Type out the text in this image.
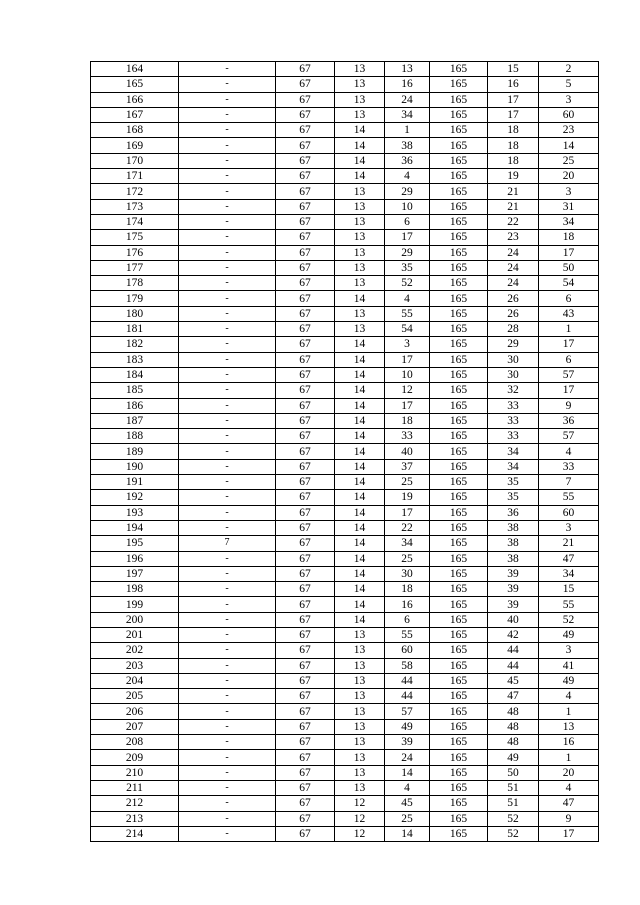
164	-	67	13	13	165	15	2
165	-	67	13	16	165	16	5
166	-	67	13	24	165	17	3
167	-	67	13	34	165	17	60
168	-	67	14	1	165	18	23
169	-	67	14	38	165	18	14
170	-	67	14	36	165	18	25
171	-	67	14	4	165	19	20
172	-	67	13	29	165	21	3
173	-	67	13	10	165	21	31
174	-	67	13	6	165	22	34
175	-	67	13	17	165	23	18
176	-	67	13	29	165	24	17
177	-	67	13	35	165	24	50
178	-	67	13	52	165	24	54
179	-	67	14	4	165	26	6
180	-	67	13	55	165	26	43
181	-	67	13	54	165	28	1
182	-	67	14	3	165	29	17
183	-	67	14	17	165	30	6
184	-	67	14	10	165	30	57
185	-	67	14	12	165	32	17
186	-	67	14	17	165	33	9
187	-	67	14	18	165	33	36
188	-	67	14	33	165	33	57
189	-	67	14	40	165	34	4
190	-	67	14	37	165	34	33
191	-	67	14	25	165	35	7
192	-	67	14	19	165	35	55
193	-	67	14	17	165	36	60
194	-	67	14	22	165	38	3
195	7	67	14	34	165	38	21
196	-	67	14	25	165	38	47
197	-	67	14	30	165	39	34
198	-	67	14	18	165	39	15
199	-	67	14	16	165	39	55
200	-	67	14	6	165	40	52
201	-	67	13	55	165	42	49
202	-	67	13	60	165	44	3
203	-	67	13	58	165	44	41
204	-	67	13	44	165	45	49
205	-	67	13	44	165	47	4
206	-	67	13	57	165	48	1
207	-	67	13	49	165	48	13
208	-	67	13	39	165	48	16
209	-	67	13	24	165	49	1
210	-	67	13	14	165	50	20
211	-	67	13	4	165	51	4
212	-	67	12	45	165	51	47
213	-	67	12	25	165	52	9
214	-	67	12	14	165	52	17
